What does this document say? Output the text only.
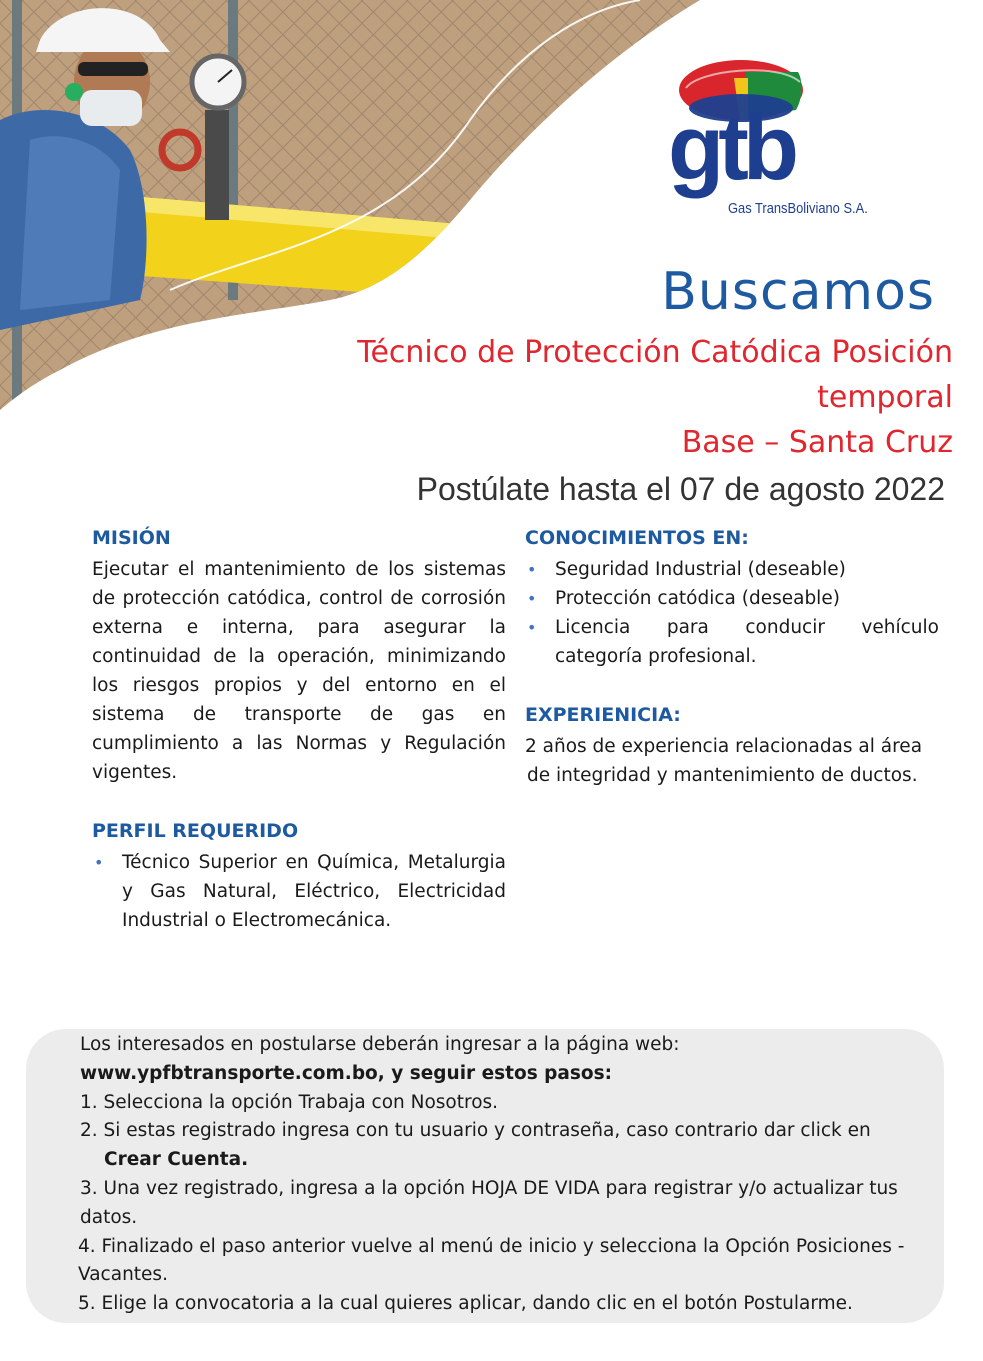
gtb
Gas TransBoliviano S.A.
Buscamos
Técnico de Protección Catódica Posición
temporal
Base – Santa Cruz
Postúlate hasta el 07 de agosto 2022
MISIÓN

Ejecutar el mantenimiento de los sistemas de protección catódica, control de corrosión externa e interna, para asegurar la continuidad de la operación, minimizando los riesgos propios y del entorno en el sistema de transporte de gas en cumplimiento a las Normas y Regulación vigentes.

PERFIL REQUERIDO
• Técnico Superior en Química, Metalurgia y Gas Natural, Eléctrico, Electricidad Industrial o Electromecánica.
CONOCIMIENTOS EN:
• Seguridad Industrial (deseable)
• Protección catódica (deseable)
• Licencia para conducir vehículo categoría profesional.
EXPERIENICIA:

2 años de experiencia relacionadas al área

de integridad y mantenimiento de ductos.

Los interesados en postularse deberán ingresar a la página web:

www.ypfbtransporte.com.bo, y seguir estos pasos:

1. Selecciona la opción Trabaja con Nosotros.

2. Si estas registrado ingresa con tu usuario y contraseña, caso contrario dar click en

Crear Cuenta.

3. Una vez registrado, ingresa a la opción HOJA DE VIDA para registrar y/o actualizar tus

datos.

4. Finalizado el paso anterior vuelve al menú de inicio y selecciona la Opción Posiciones -

Vacantes.

5. Elige la convocatoria a la cual quieres aplicar, dando clic en el botón Postularme.
